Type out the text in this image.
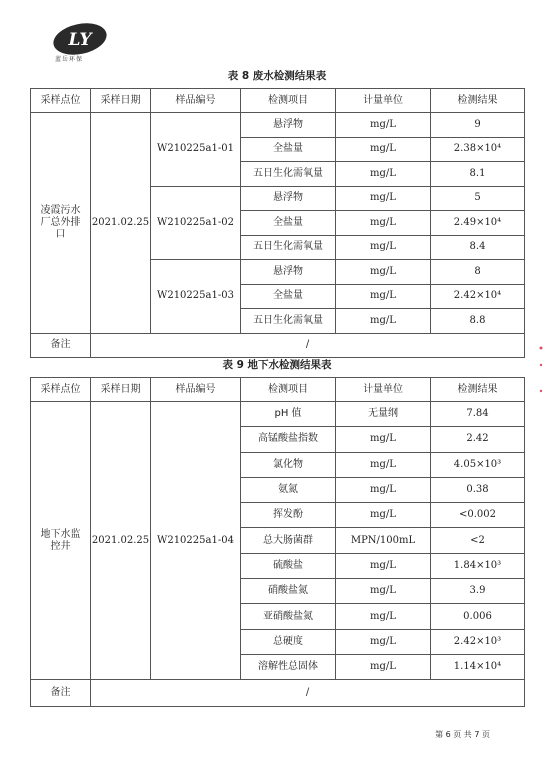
LY
蓝岳环保
表 8 废水检测结果表
采样点位	采样日期	样品编号	检测项目	计量单位	检测结果
凌霞污水厂总外排口	2021.02.25	W210225a1-01	悬浮物	mg/L	9
			全盐量	mg/L	2.38×10⁴
			五日生化需氧量	mg/L	8.1
		W210225a1-02	悬浮物	mg/L	5
			全盐量	mg/L	2.49×10⁴
			五日生化需氧量	mg/L	8.4
		W210225a1-03	悬浮物	mg/L	8
			全盐量	mg/L	2.42×10⁴
			五日生化需氧量	mg/L	8.8
备注	/				
表 9 地下水检测结果表
采样点位	采样日期	样品编号	检测项目	计量单位	检测结果
地下水监控井	2021.02.25	W210225a1-04	pH 值	无量纲	7.84
			高锰酸盐指数	mg/L	2.42
			氯化物	mg/L	4.05×10³
			氨氮	mg/L	0.38
			挥发酚	mg/L	<0.002
			总大肠菌群	MPN/100mL	<2
			硫酸盐	mg/L	1.84×10³
			硝酸盐氮	mg/L	3.9
			亚硝酸盐氮	mg/L	0.006
			总硬度	mg/L	2.42×10³
			溶解性总固体	mg/L	1.14×10⁴
备注	/				
第 6 页 共 7 页
